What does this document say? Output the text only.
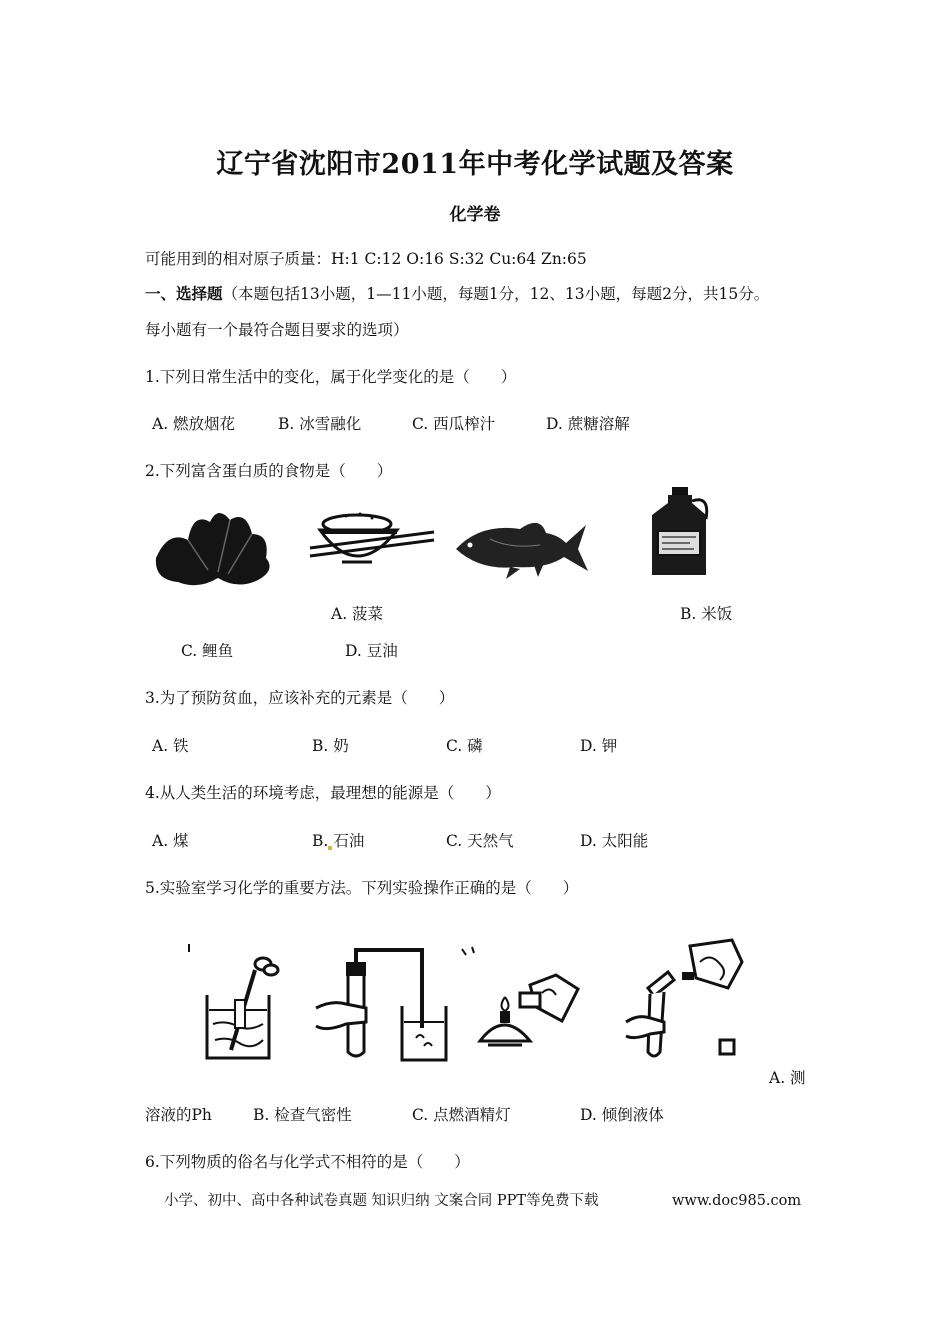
辽宁省沈阳市2011年中考化学试题及答案
化学卷
可能用到的相对原子质量：H:1 C:12 O:16 S:32 Cu:64 Zn:65
一、选择题（本题包括13小题，1—11小题，每题1分，12、13小题，每题2分，共15分。
每小题有一个最符合题目要求的选项）
1.下列日常生活中的变化，属于化学变化的是（　　）
A. 燃放烟花	B. 冰雪融化	C. 西瓜榨汁	D. 蔗糖溶解
2.下列富含蛋白质的食物是（　　）
A. 菠菜	B. 米饭
C. 鲤鱼	D. 豆油
3.为了预防贫血，应该补充的元素是（　　）
A. 铁	B. 奶	C. 磷	D. 钾
4.从人类生活的环境考虑，最理想的能源是（　　）
A. 煤	B. 石油	C. 天然气	D. 太阳能
5.实验室学习化学的重要方法。下列实验操作正确的是（　　）
A. 测
溶液的Ph	B. 检查气密性	C. 点燃酒精灯	D. 倾倒液体
6.下列物质的俗名与化学式不相符的是（　　）
小学、初中、高中各种试卷真题 知识归纳 文案合同 PPT等免费下载	www.doc985.com
